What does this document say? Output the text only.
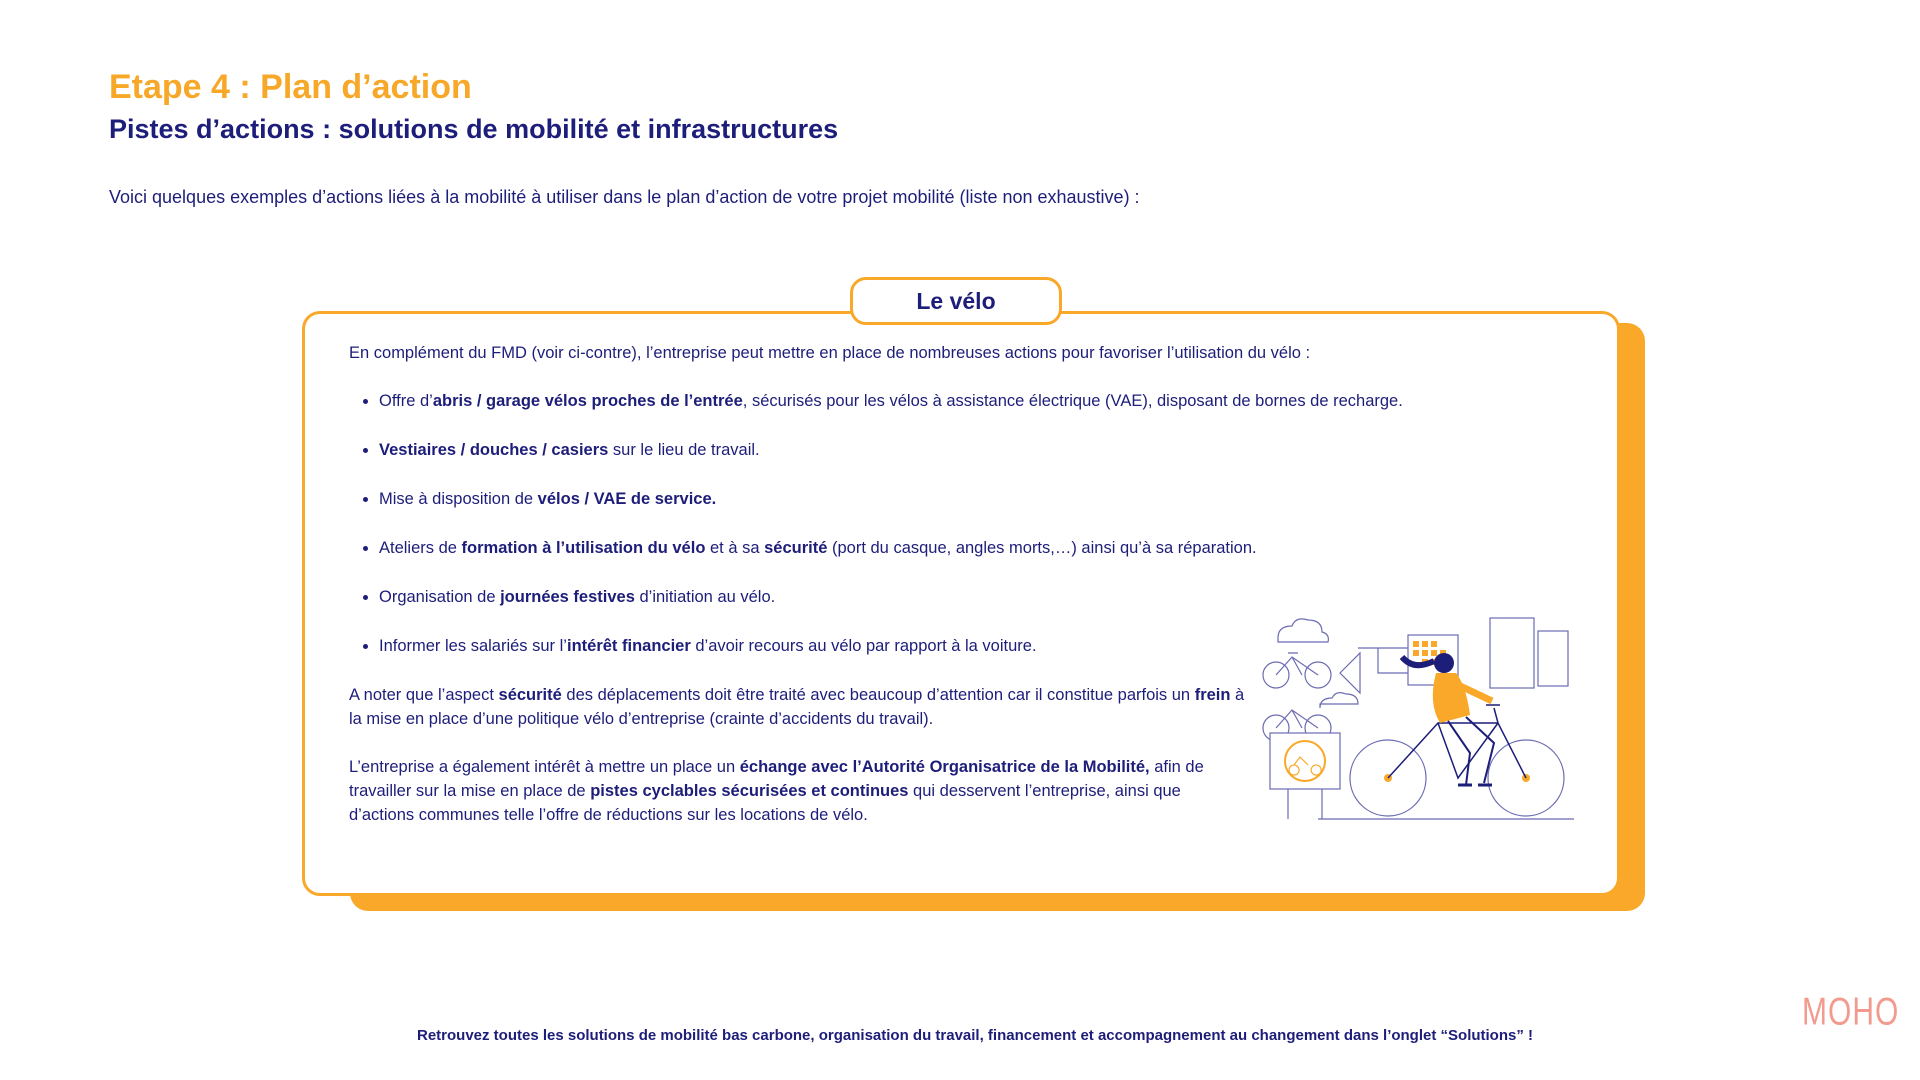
Etape 4 : Plan d’action
Pistes d’actions : solutions de mobilité et infrastructures
Voici quelques exemples d’actions liées à la mobilité à utiliser dans le plan d’action de votre projet mobilité (liste non exhaustive) :
Le vélo

En complément du FMD (voir ci-contre), l’entreprise peut mettre en place de nombreuses actions pour favoriser l’utilisation du vélo :

• Offre d’abris / garage vélos proches de l’entrée, sécurisés pour les vélos à assistance électrique (VAE), disposant de bornes de recharge.
• Vestiaires / douches / casiers sur le lieu de travail.
• Mise à disposition de vélos / VAE de service.
• Ateliers de formation à l’utilisation du vélo et à sa sécurité (port du casque, angles morts,…) ainsi qu’à sa réparation.
• Organisation de journées festives d’initiation au vélo.
• Informer les salariés sur l’intérêt financier d’avoir recours au vélo par rapport à la voiture.

A noter que l’aspect sécurité des déplacements doit être traité avec beaucoup d’attention car il constitue parfois un frein à la mise en place d’une politique vélo d’entreprise (crainte d’accidents du travail).

L’entreprise a également intérêt à mettre un place un échange avec l’Autorité Organisatrice de la Mobilité, afin de travailler sur la mise en place de pistes cyclables sécurisées et continues qui desservent l’entreprise, ainsi que d’actions communes telle l’offre de réductions sur les locations de vélo.

Retrouvez toutes les solutions de mobilité bas carbone, organisation du travail, financement et accompagnement au changement dans l’onglet “Solutions” !
MOHO
